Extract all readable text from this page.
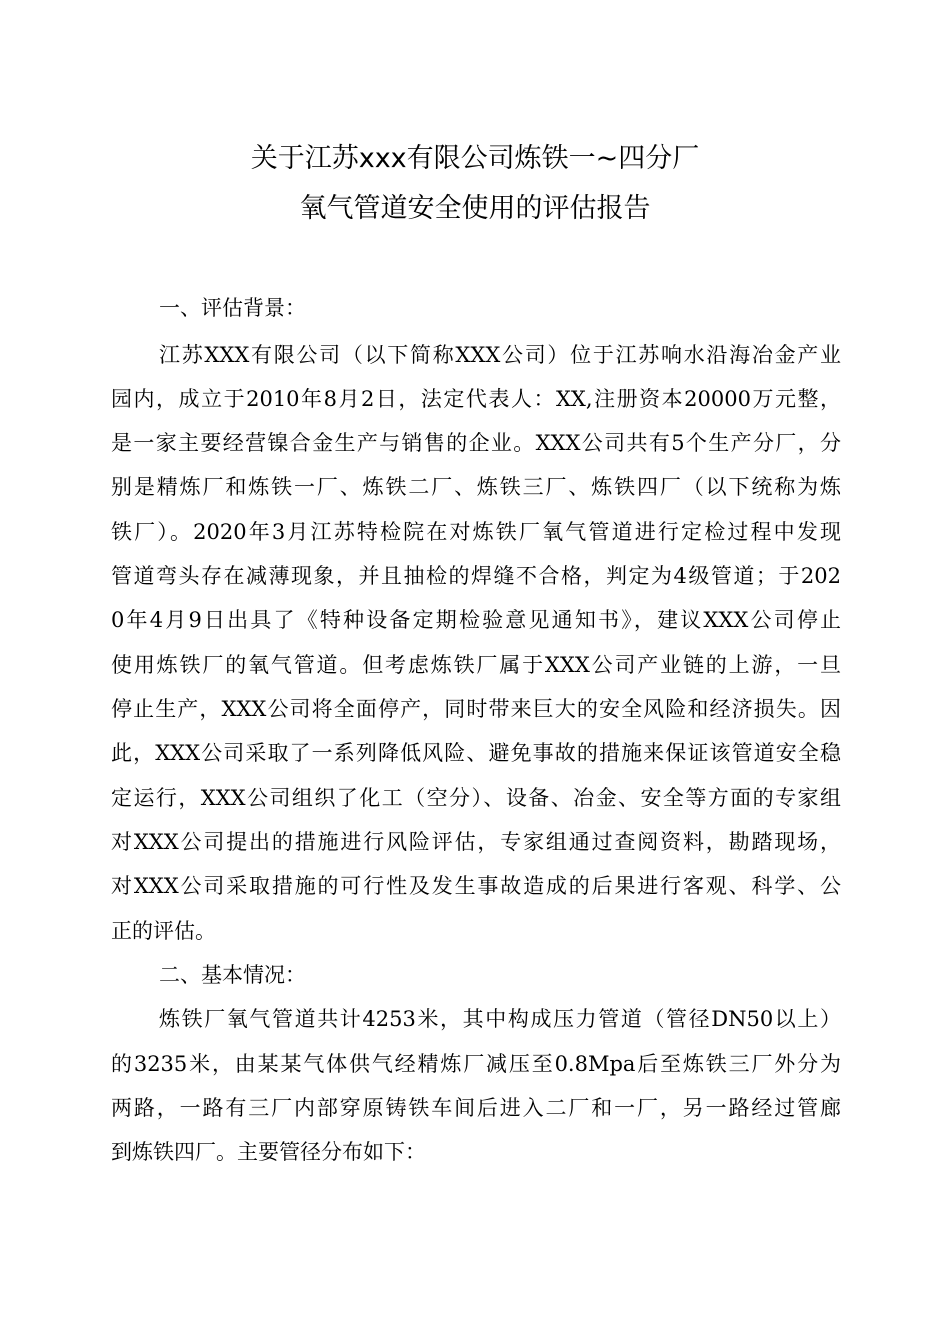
关于江苏xxx有限公司炼铁一~四分厂
氧气管道安全使用的评估报告
一、评估背景：
江苏XXX有限公司（以下简称XXX公司）位于江苏响水沿海冶金产业
园内，成立于2010年8月2日，法定代表人：XX,注册资本20000万元整，
是一家主要经营镍合金生产与销售的企业。XXX公司共有5个生产分厂，分
别是精炼厂和炼铁一厂、炼铁二厂、炼铁三厂、炼铁四厂（以下统称为炼
铁厂）。2020年3月江苏特检院在对炼铁厂氧气管道进行定检过程中发现
管道弯头存在减薄现象，并且抽检的焊缝不合格，判定为4级管道；于202
0年4月9日出具了《特种设备定期检验意见通知书》，建议XXX公司停止
使用炼铁厂的氧气管道。但考虑炼铁厂属于XXX公司产业链的上游，一旦
停止生产，XXX公司将全面停产，同时带来巨大的安全风险和经济损失。因
此，XXX公司采取了一系列降低风险、避免事故的措施来保证该管道安全稳
定运行，XXX公司组织了化工（空分）、设备、冶金、安全等方面的专家组
对XXX公司提出的措施进行风险评估，专家组通过查阅资料，勘踏现场，
对XXX公司采取措施的可行性及发生事故造成的后果进行客观、科学、公
正的评估。
二、基本情况：
炼铁厂氧气管道共计4253米，其中构成压力管道（管径DN50以上）
的3235米，由某某气体供气经精炼厂减压至0.8Mpa后至炼铁三厂外分为
两路，一路有三厂内部穿原铸铁车间后进入二厂和一厂，另一路经过管廊
到炼铁四厂。主要管径分布如下：
